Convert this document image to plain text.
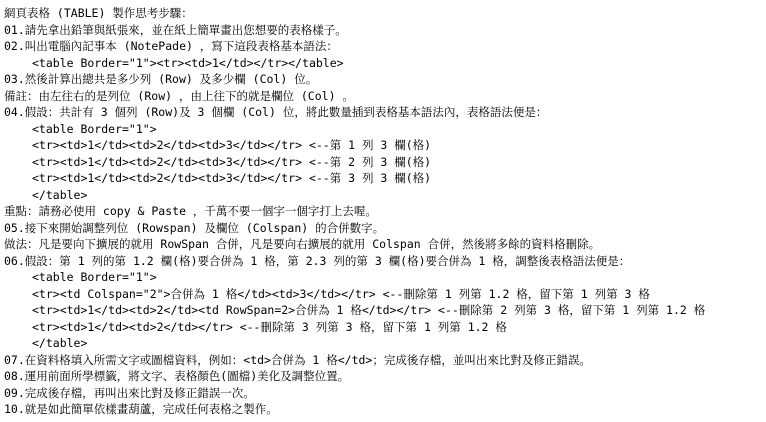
網頁表格 (TABLE) 製作思考步驟：
01.請先拿出鉛筆與紙張來，並在紙上簡單畫出您想要的表格樣子。
02.叫出電腦內記事本 (NotePade) ，寫下這段表格基本語法：
<table Border="1"><tr><td>1</td></tr></table>
03.然後計算出總共是多少列 (Row) 及多少欄 (Col) 位。
備註：由左往右的是列位 (Row) ，由上往下的就是欄位 (Col) 。
04.假設：共計有 3 個列 (Row)及 3 個欄 (Col) 位，將此數量插到表格基本語法內，表格語法便是：
<table Border="1">
<tr><td>1</td><td>2</td><td>3</td></tr> <--第 1 列 3 欄(格)
<tr><td>1</td><td>2</td><td>3</td></tr> <--第 2 列 3 欄(格)
<tr><td>1</td><td>2</td><td>3</td></tr> <--第 3 列 3 欄(格)
</table>
重點：請務必使用 copy & Paste ，千萬不要一個字一個字打上去喔。
05.接下來開始調整列位 (Rowspan) 及欄位 (Colspan) 的合併數字。
做法：凡是要向下擴展的就用 RowSpan 合併，凡是要向右擴展的就用 Colspan 合併，然後將多餘的資料格刪除。
06.假設：第 1 列的第 1.2 欄(格)要合併為 1 格，第 2.3 列的第 3 欄(格)要合併為 1 格，調整後表格語法便是：
<table Border="1">
<tr><td Colspan="2">合併為 1 格</td><td>3</td></tr> <--刪除第 1 列第 1.2 格，留下第 1 列第 3 格
<tr><td>1</td><td>2</td><td RowSpan=2>合併為 1 格</td></tr> <--刪除第 2 列第 3 格，留下第 1 列第 1.2 格
<tr><td>1</td><td>2</td></tr> <--刪除第 3 列第 3 格，留下第 1 列第 1.2 格
</table>
07.在資料格填入所需文字或圖檔資料，例如：<td>合併為 1 格</td>；完成後存檔，並叫出來比對及修正錯誤。
08.運用前面所學標籤，將文字、表格顏色(圖檔)美化及調整位置。
09.完成後存檔，再叫出來比對及修正錯誤一次。
10.就是如此簡單依樣畫葫蘆，完成任何表格之製作。
